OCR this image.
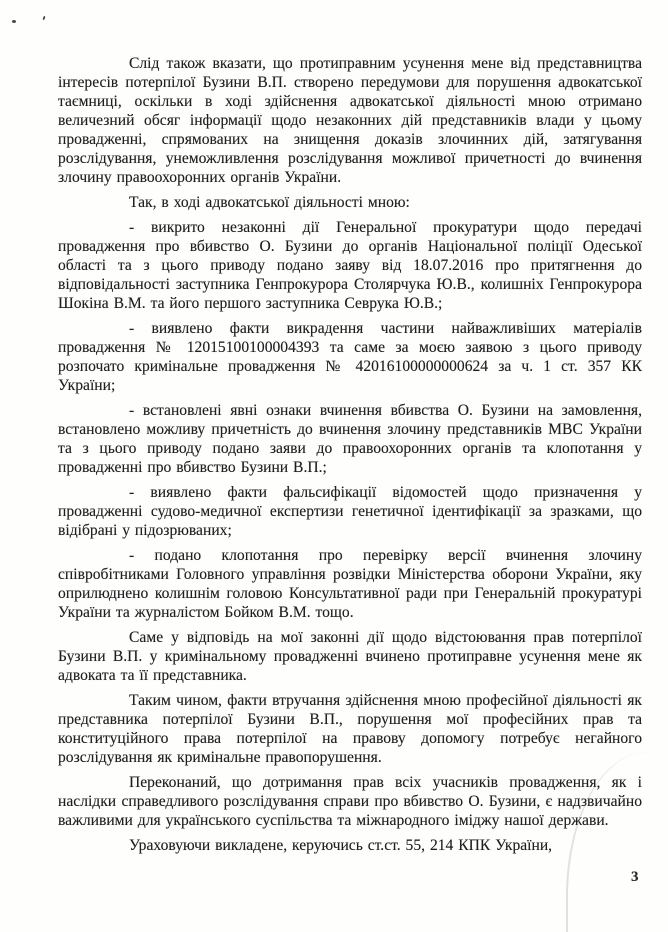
Слід також вказати, що протиправним усунення мене від представництва інтересів потерпілої Бузини В.П. створено передумови для порушення адвокатської таємниці, оскільки в ході здійснення адвокатської діяльності мною отримано величезний обсяг інформації щодо незаконних дій представників влади у цьому провадженні, спрямованих на знищення доказів злочинних дій, затягування розслідування, унеможливлення розслідування можливої причетності до вчинення злочину правоохоронних органів України.

Так, в ході адвокатської діяльності мною:

- викрито незаконні дії Генеральної прокуратури щодо передачі провадження про вбивство О. Бузини до органів Національної поліції Одеської області та з цього приводу подано заяву від 18.07.2016 про притягнення до відповідальності заступника Генпрокурора Столярчука Ю.В., колишніх Генпрокурора Шокіна В.М. та його першого заступника Севрука Ю.В.;

- виявлено факти викрадення частини найважливіших матеріалів провадження № 12015100100004393 та саме за моєю заявою з цього приводу розпочато кримінальне провадження № 42016100000000624 за ч. 1 ст. 357 КК України;

- встановлені явні ознаки вчинення вбивства О. Бузини на замовлення, встановлено можливу причетність до вчинення злочину представників МВС України та з цього приводу подано заяви до правоохоронних органів та клопотання у провадженні про вбивство Бузини В.П.;

- виявлено факти фальсифікації відомостей щодо призначення у провадженні судово-медичної експертизи генетичної ідентифікації за зразками, що відібрані у підозрюваних;

- подано клопотання про перевірку версії вчинення злочину співробітниками Головного управління розвідки Міністерства оборони України, яку оприлюднено колишнім головою Консультативної ради при Генеральній прокуратурі України та журналістом Бойком В.М. тощо.

Саме у відповідь на мої законні дії щодо відстоювання прав потерпілої Бузини В.П. у кримінальному провадженні вчинено протиправне усунення мене як адвоката та її представника.

Таким чином, факти втручання здійснення мною професійної діяльності як представника потерпілої Бузини В.П., порушення мої професійних прав та конституційного права потерпілої на правову допомогу потребує негайного розслідування як кримінальне правопорушення.

Переконаний, що дотримання прав всіх учасників провадження, як і наслідки справедливого розслідування справи про вбивство О. Бузини, є надзвичайно важливими для українського суспільства та міжнародного іміджу нашої держави.

Ураховуючи викладене, керуючись ст.ст. 55, 214 КПК України,

3
